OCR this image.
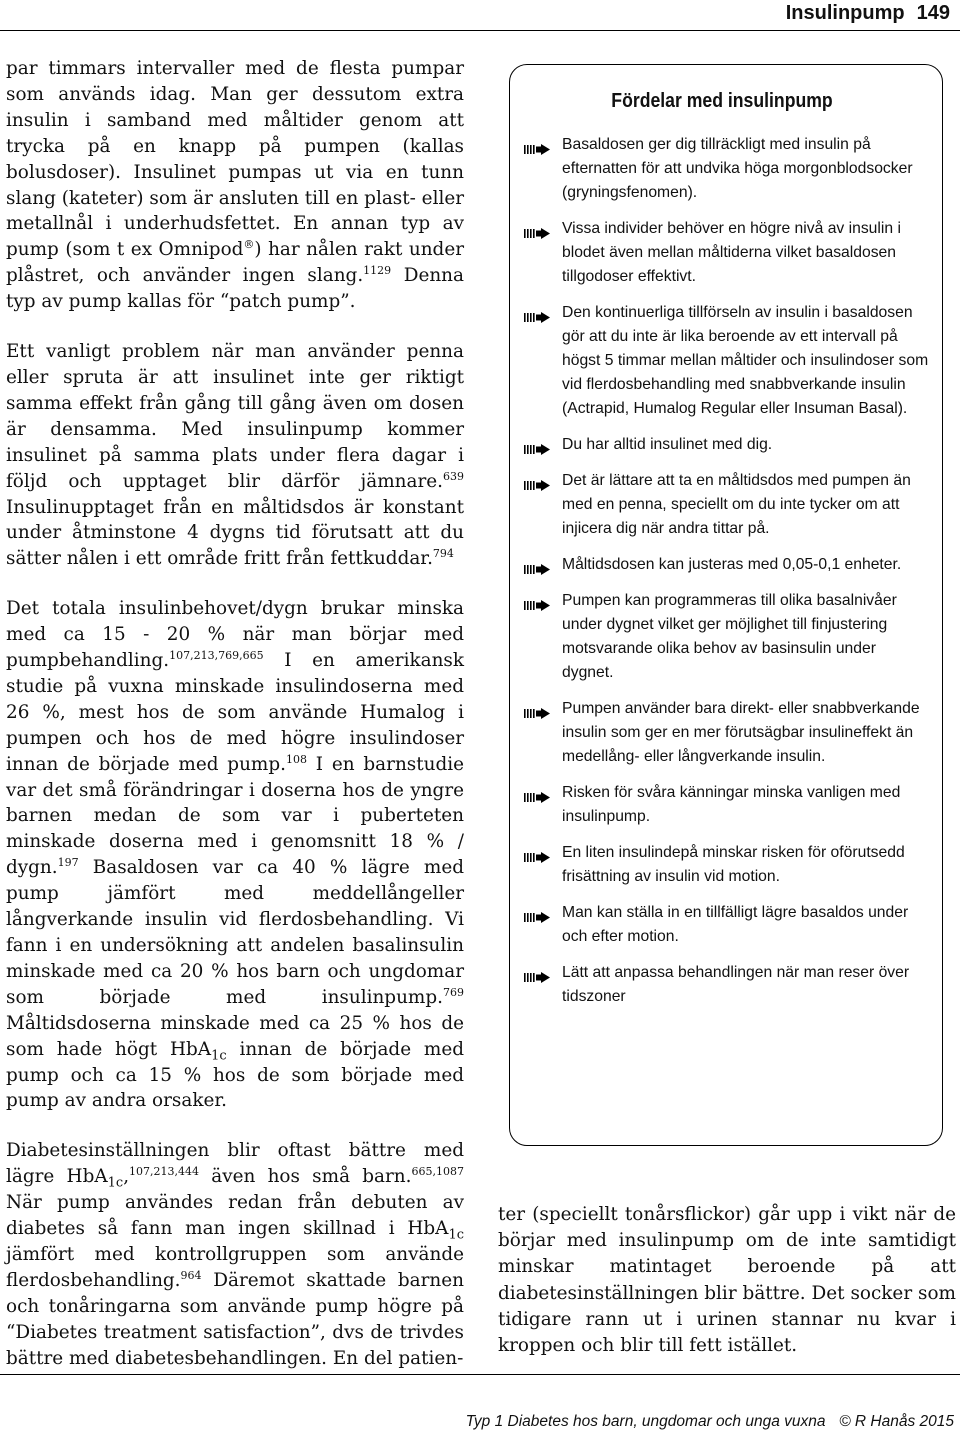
Insulinpump 149

par timmars intervaller med de flesta pumpar som används idag. Man ger dessutom extra insulin i samband med måltider genom att trycka på en knapp på pumpen (kallas bolusdoser). Insulinet pumpas ut via en tunn slang (kateter) som är ansluten till en plast- eller metallnål i underhudsfettet. En annan typ av pump (som t ex Omnipod®) har nålen rakt under plåstret, och använder ingen slang.$^{1129}$ Denna typ av pump kallas för “patch pump”.

Ett vanligt problem när man använder penna eller spruta är att insulinet inte ger riktigt samma effekt från gång till gång även om dosen är densamma. Med insulinpump kommer insulinet på samma plats under flera dagar i följd och upptaget blir därför jämnare.$^{639}$ Insulinupptaget från en måltidsdos är konstant under åtminstone 4 dygns tid förutsatt att du sätter nålen i ett område fritt från fettkuddar.$^{794}$

Det totala insulinbehovet/dygn brukar minska med ca 15 - 20 % när man börjar med pumpbehandling.$^{107,213,769,665}$ I en amerikansk studie på vuxna minskade insulindoserna med 26 %, mest hos de som använde Humalog i pumpen och hos de med högre insulindoser innan de började med pump.$^{108}$ I en barnstudie var det små förändringar i doserna hos de yngre barnen medan de som var i puberteten minskade doserna med i genomsnitt 18 % / dygn.$^{197}$ Basaldosen var ca 40 % lägre med pump jämfört med meddellångeller långverkande insulin vid flerdosbehandling. Vi fann i en undersökning att andelen basalinsulin minskade med ca 20 % hos barn och ungdomar som började med insulinpump.$^{769}$ Måltidsdoserna minskade med ca 25 % hos de som hade högt HbA$_{1c}$ innan de började med pump och ca 15 % hos de som började med pump av andra orsaker.

Diabetesinställningen blir oftast bättre med lägre HbA$_{1c}$,$^{107,213,444}$ även hos små barn.$^{665,1087}$ När pump användes redan från debuten av diabetes så fann man ingen skillnad i HbA$_{1c}$ jämfört med kontrollgruppen som använde flerdosbehandling.$^{964}$ Däremot skattade barnen och tonåringarna som använde pump högre på “Diabetes treatment satisfaction”, dvs de trivdes bättre med diabetesbehandlingen. En del patien-

Fördelar med insulinpump
Basaldosen ger dig tillräckligt med insulin på efternatten för att undvika höga morgonblodsocker (gryningsfenomen).
Vissa individer behöver en högre nivå av insulin i blodet även mellan måltiderna vilket basaldosen tillgodoser effektivt.
Den kontinuerliga tillförseln av insulin i basaldosen gör att du inte är lika beroende av ett intervall på högst 5 timmar mellan måltider och insulindoser som vid flerdosbehandling med snabbverkande insulin (Actrapid, Humalog Regular eller Insuman Basal).
Du har alltid insulinet med dig.
Det är lättare att ta en måltidsdos med pumpen än med en penna, speciellt om du inte tycker om att injicera dig när andra tittar på.
Måltidsdosen kan justeras med 0,05-0,1 enheter.
Pumpen kan programmeras till olika basalnivåer under dygnet vilket ger möjlighet till finjustering motsvarande olika behov av basinsulin under dygnet.
Pumpen använder bara direkt- eller snabbverkande insulin som ger en mer förutsägbar insulineffekt än medellång- eller långverkande insulin.
Risken för svåra känningar minska vanligen med insulinpump.
En liten insulindepå minskar risken för oförutsedd frisättning av insulin vid motion.
Man kan ställa in en tillfälligt lägre basaldos under och efter motion.
Lätt att anpassa behandlingen när man reser över tidszoner

ter (speciellt tonårsflickor) går upp i vikt när de börjar med insulinpump om de inte samtidigt minskar matintaget beroende på att diabetesinställningen blir bättre. Det socker som tidigare rann ut i urinen stannar nu kvar i kroppen och blir till fett istället.

Typ 1 Diabetes hos barn, ungdomar och unga vuxna © R Hanås 2015
